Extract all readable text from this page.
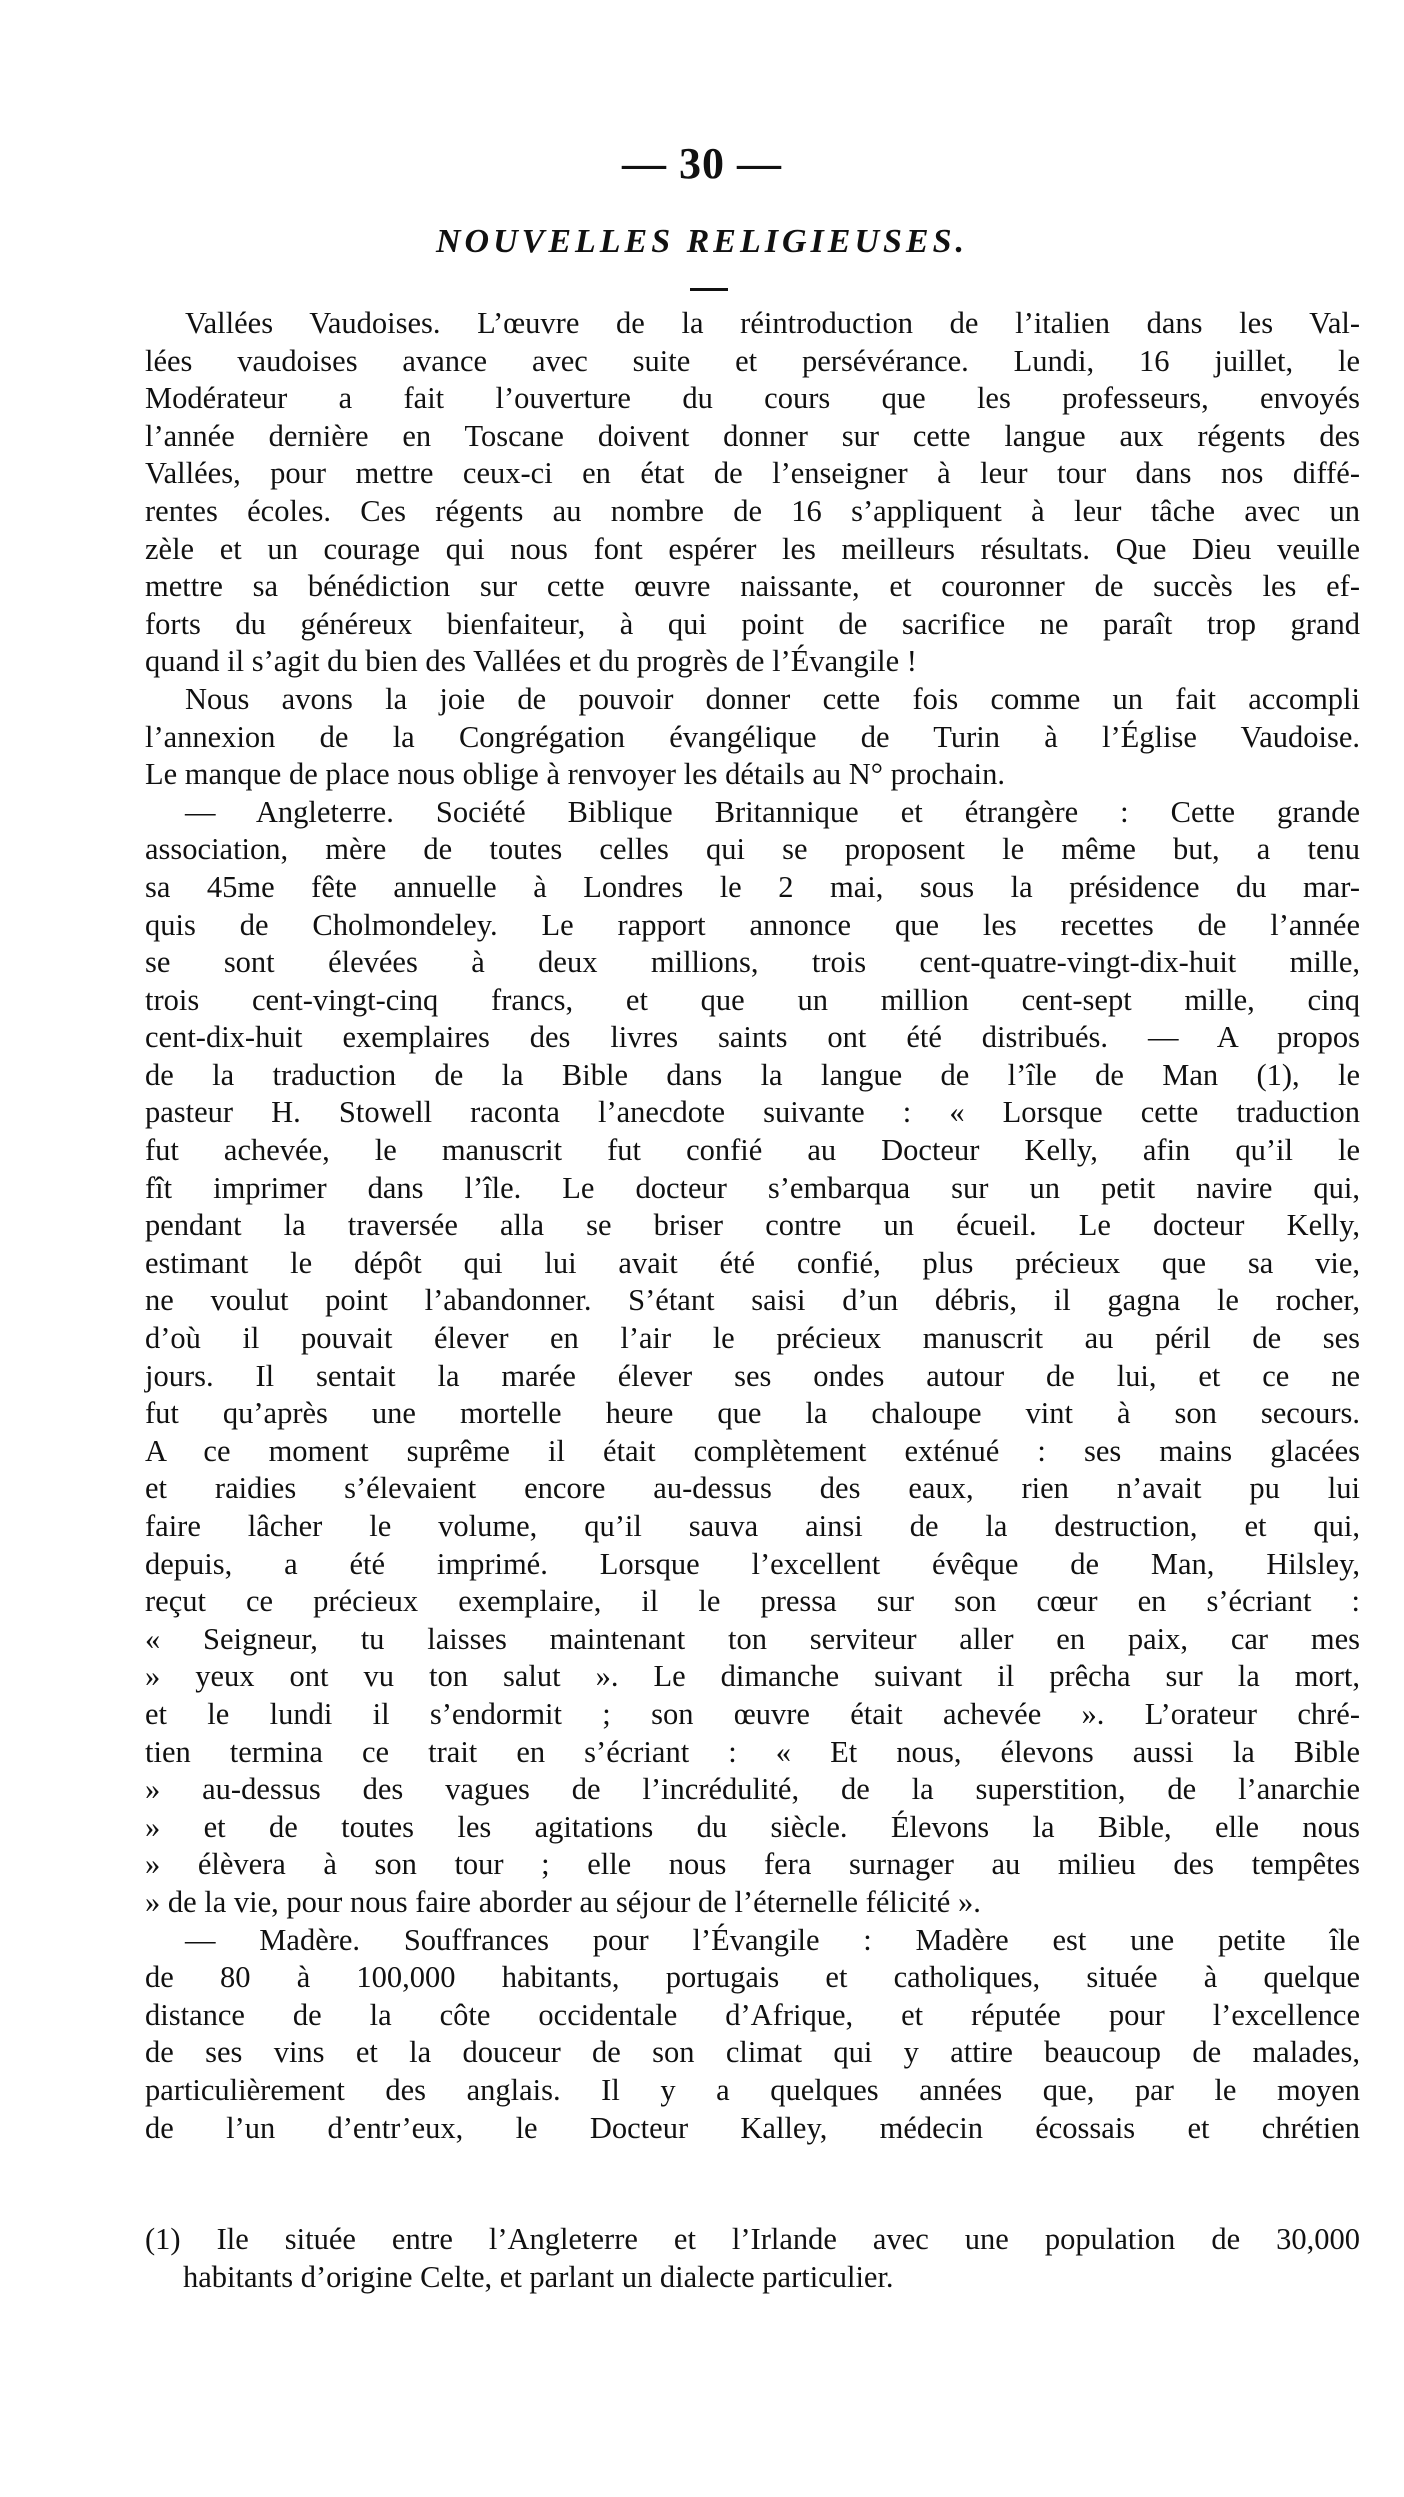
— 30 —
NOUVELLES RELIGIEUSES.
Vallées Vaudoises. L’œuvre de la réintroduction de l’italien dans les Val-
lées vaudoises avance avec suite et persévérance. Lundi, 16 juillet, le
Modérateur a fait l’ouverture du cours que les professeurs, envoyés
l’année dernière en Toscane doivent donner sur cette langue aux régents des
Vallées, pour mettre ceux-ci en état de l’enseigner à leur tour dans nos diffé-
rentes écoles. Ces régents au nombre de 16 s’appliquent à leur tâche avec un
zèle et un courage qui nous font espérer les meilleurs résultats. Que Dieu veuille
mettre sa bénédiction sur cette œuvre naissante, et couronner de succès les ef-
forts du généreux bienfaiteur, à qui point de sacrifice ne paraît trop grand
quand il s’agit du bien des Vallées et du progrès de l’Évangile !
Nous avons la joie de pouvoir donner cette fois comme un fait accompli
l’annexion de la Congrégation évangélique de Turin à l’Église Vaudoise.
Le manque de place nous oblige à renvoyer les détails au N° prochain.
— Angleterre. Société Biblique Britannique et étrangère : Cette grande
association, mère de toutes celles qui se proposent le même but, a tenu
sa 45me fête annuelle à Londres le 2 mai, sous la présidence du mar-
quis de Cholmondeley. Le rapport annonce que les recettes de l’année
se sont élevées à deux millions, trois cent-quatre-vingt-dix-huit mille,
trois cent-vingt-cinq francs, et que un million cent-sept mille, cinq
cent-dix-huit exemplaires des livres saints ont été distribués. — A propos
de la traduction de la Bible dans la langue de l’île de Man (1), le
pasteur H. Stowell raconta l’anecdote suivante : « Lorsque cette traduction
fut achevée, le manuscrit fut confié au Docteur Kelly, afin qu’il le
fît imprimer dans l’île. Le docteur s’embarqua sur un petit navire qui,
pendant la traversée alla se briser contre un écueil. Le docteur Kelly,
estimant le dépôt qui lui avait été confié, plus précieux que sa vie,
ne voulut point l’abandonner. S’étant saisi d’un débris, il gagna le rocher,
d’où il pouvait élever en l’air le précieux manuscrit au péril de ses
jours. Il sentait la marée élever ses ondes autour de lui, et ce ne
fut qu’après une mortelle heure que la chaloupe vint à son secours.
A ce moment suprême il était complètement exténué : ses mains glacées
et raidies s’élevaient encore au-dessus des eaux, rien n’avait pu lui
faire lâcher le volume, qu’il sauva ainsi de la destruction, et qui,
depuis, a été imprimé. Lorsque l’excellent évêque de Man, Hilsley,
reçut ce précieux exemplaire, il le pressa sur son cœur en s’écriant :
« Seigneur, tu laisses maintenant ton serviteur aller en paix, car mes
» yeux ont vu ton salut ». Le dimanche suivant il prêcha sur la mort,
et le lundi il s’endormit ; son œuvre était achevée ». L’orateur chré-
tien termina ce trait en s’écriant : « Et nous, élevons aussi la Bible
» au-dessus des vagues de l’incrédulité, de la superstition, de l’anarchie
» et de toutes les agitations du siècle. Élevons la Bible, elle nous
» élèvera à son tour ; elle nous fera surnager au milieu des tempêtes
» de la vie, pour nous faire aborder au séjour de l’éternelle félicité ».
— Madère. Souffrances pour l’Évangile : Madère est une petite île
de 80 à 100,000 habitants, portugais et catholiques, située à quelque
distance de la côte occidentale d’Afrique, et réputée pour l’excellence
de ses vins et la douceur de son climat qui y attire beaucoup de malades,
particulièrement des anglais. Il y a quelques années que, par le moyen
de l’un d’entr’eux, le Docteur Kalley, médecin écossais et chrétien
(1) Ile située entre l’Angleterre et l’Irlande avec une population de 30,000
habitants d’origine Celte, et parlant un dialecte particulier.
